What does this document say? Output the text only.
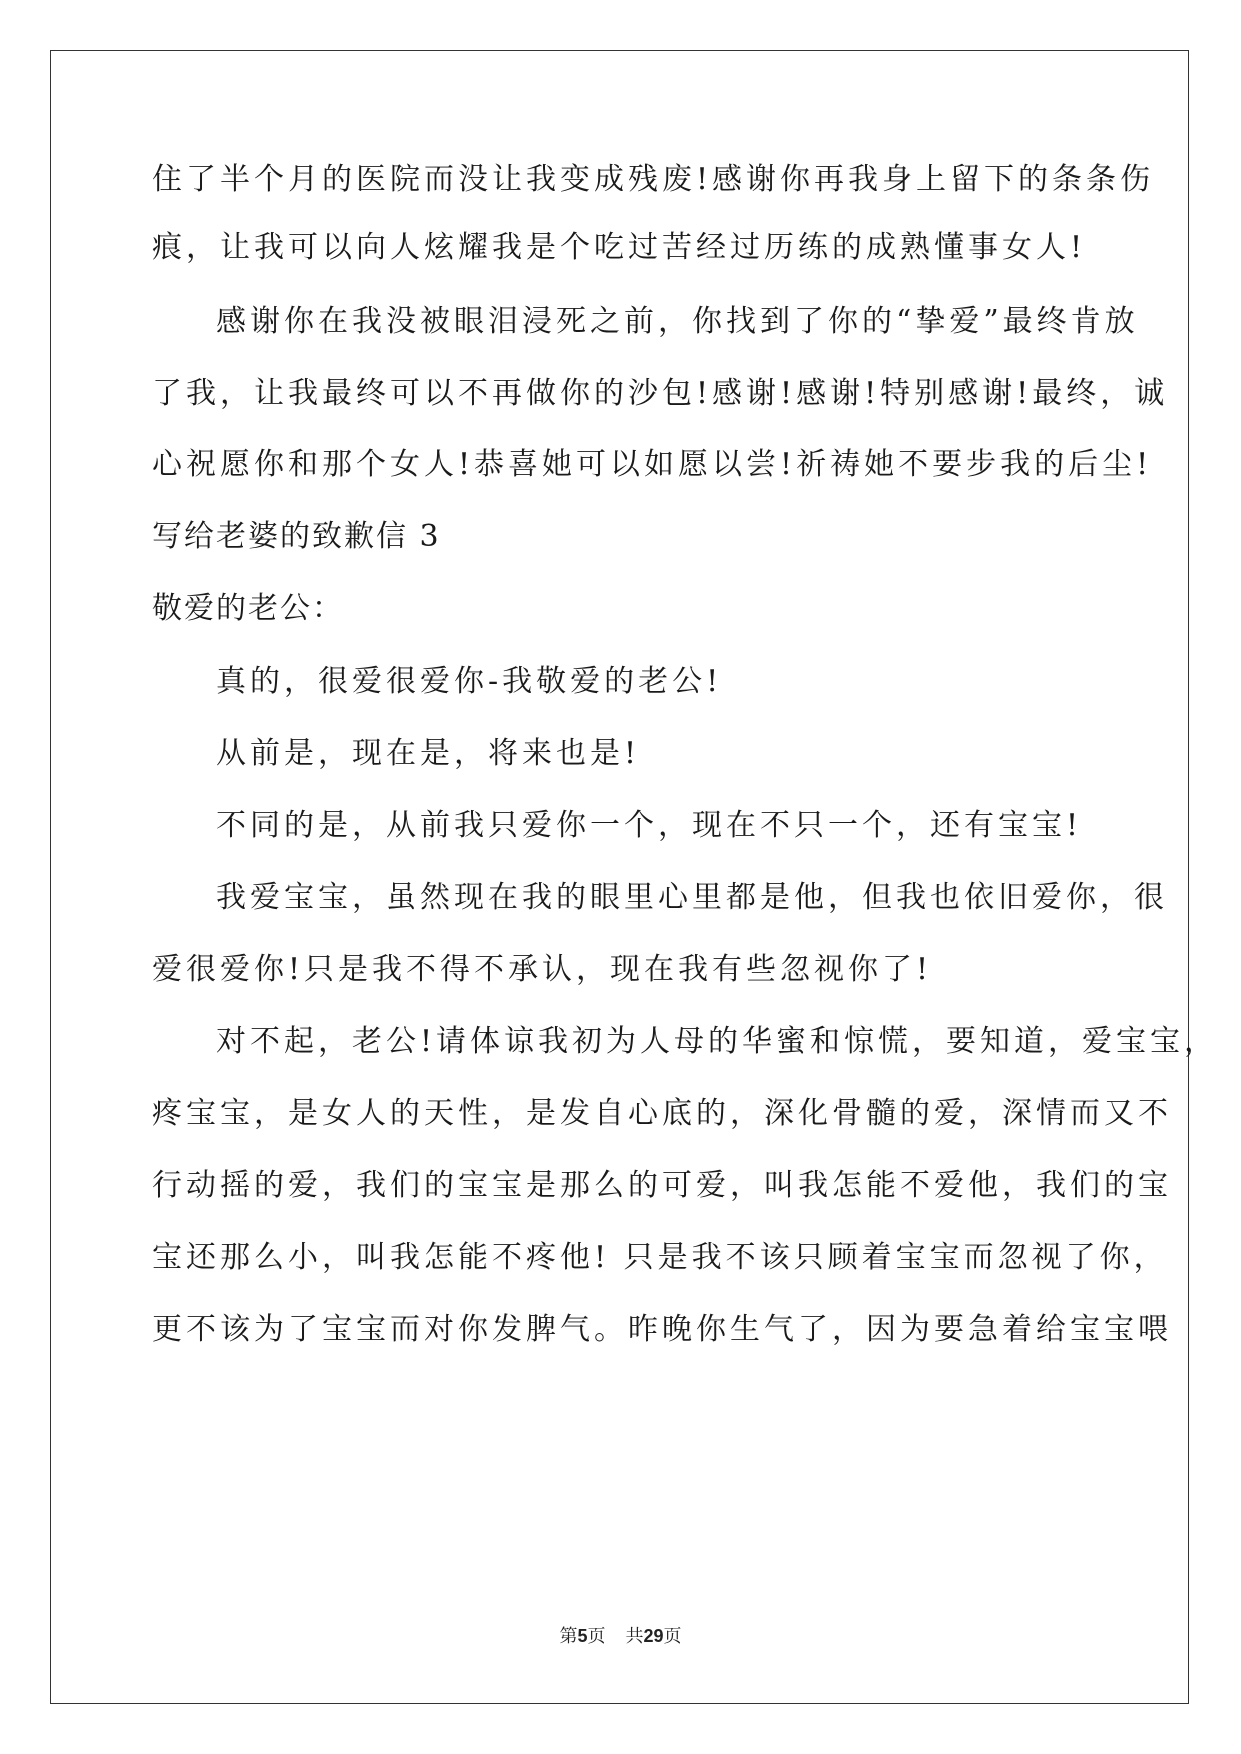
住了半个月的医院而没让我变成残废!感谢你再我身上留下的条条伤
痕，让我可以向人炫耀我是个吃过苦经过历练的成熟懂事女人!
感谢你在我没被眼泪浸死之前，你找到了你的“挚爱”最终肯放
了我，让我最终可以不再做你的沙包!感谢!感谢!特别感谢!最终，诚
心祝愿你和那个女人!恭喜她可以如愿以尝!祈祷她不要步我的后尘!
写给老婆的致歉信 3
敬爱的老公：
真的，很爱很爱你-我敬爱的老公!
从前是，现在是，将来也是!
不同的是，从前我只爱你一个，现在不只一个，还有宝宝!
我爱宝宝，虽然现在我的眼里心里都是他，但我也依旧爱你，很
爱很爱你!只是我不得不承认，现在我有些忽视你了!
对不起，老公!请体谅我初为人母的华蜜和惊慌，要知道，爱宝宝，
疼宝宝，是女人的天性，是发自心底的，深化骨髓的爱，深情而又不
行动摇的爱，我们的宝宝是那么的可爱，叫我怎能不爱他，我们的宝
宝还那么小，叫我怎能不疼他! 只是我不该只顾着宝宝而忽视了你，
更不该为了宝宝而对你发脾气。昨晚你生气了，因为要急着给宝宝喂
第5页 共29页
